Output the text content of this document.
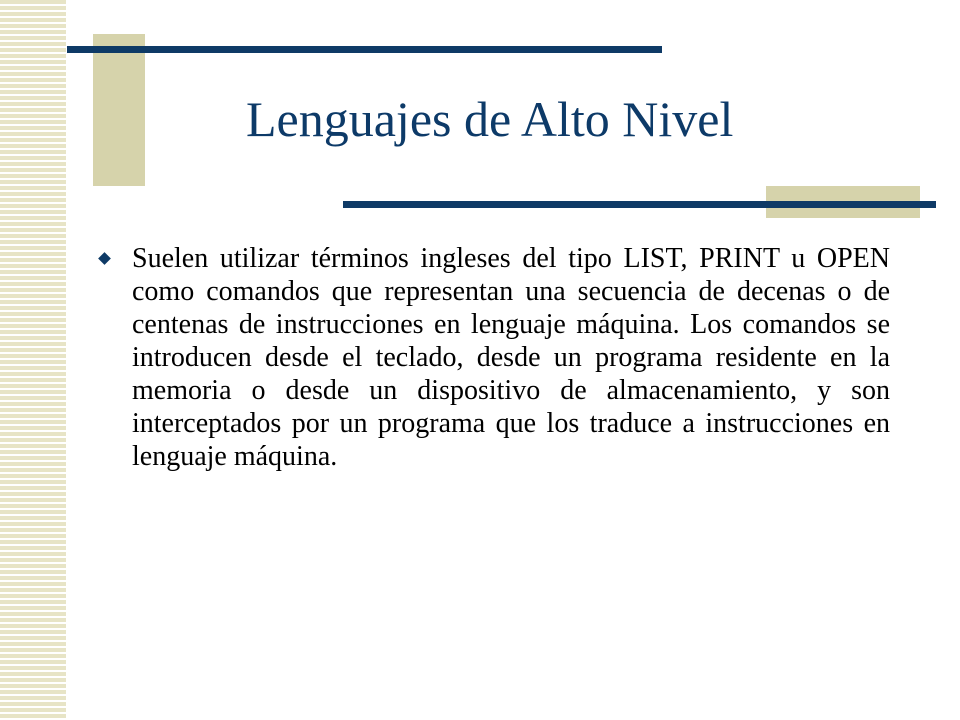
Lenguajes de Alto Nivel
Suelen utilizar términos ingleses del tipo LIST, PRINT u OPEN como comandos que representan una secuencia de decenas o de centenas de instrucciones en lenguaje máquina. Los comandos se introducen desde el teclado, desde un programa residente en la memoria o desde un dispositivo de almacenamiento, y son interceptados por un programa que los traduce a instrucciones en lenguaje máquina.
